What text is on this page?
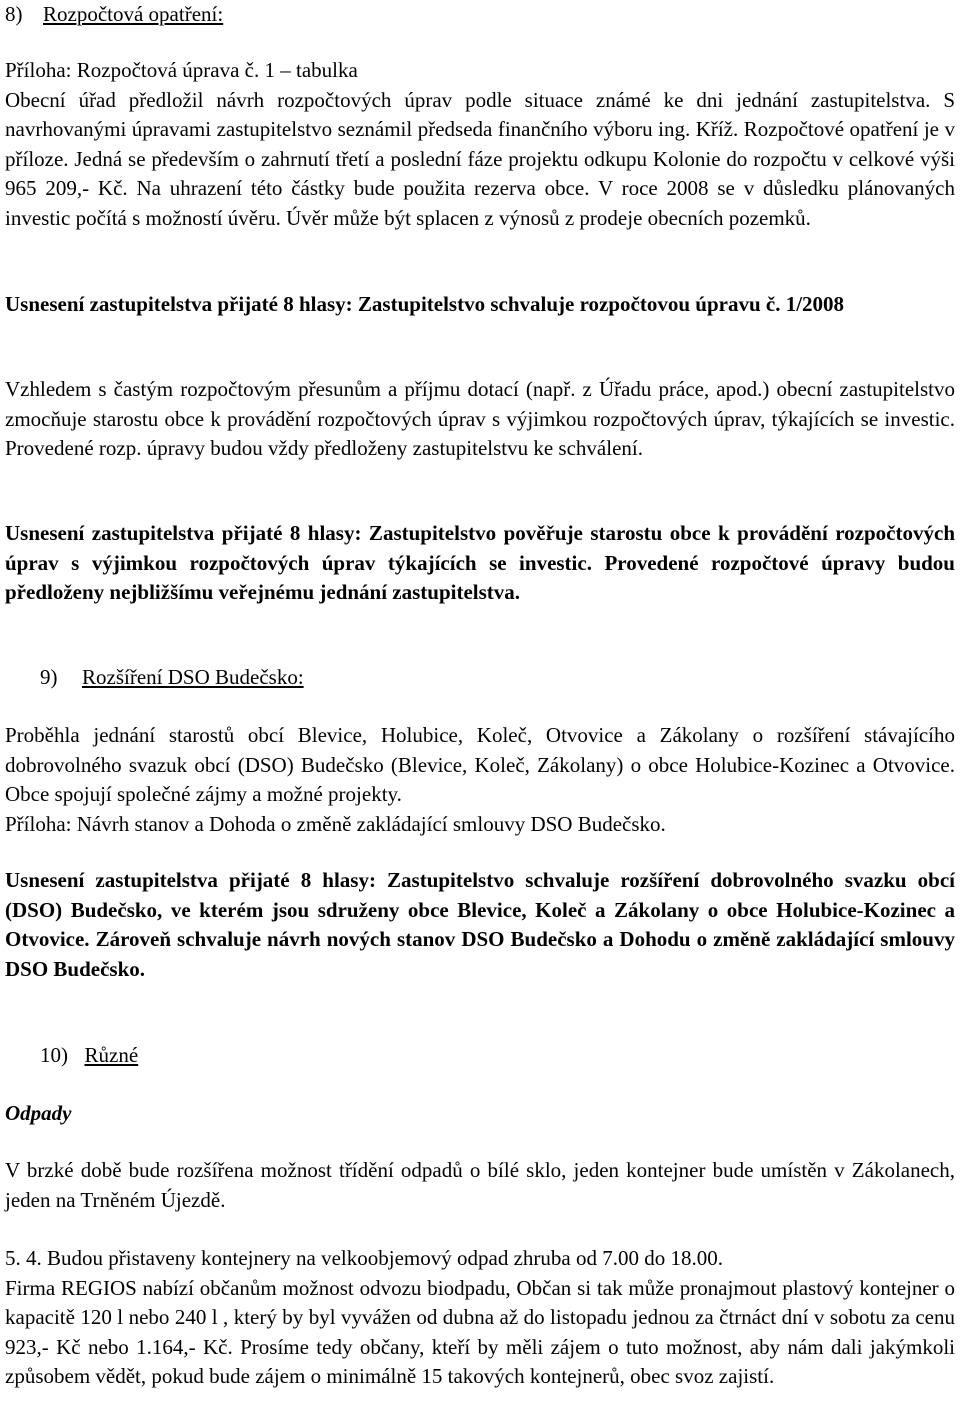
8) Rozpočtová opatření:
Příloha: Rozpočtová úprava č. 1 – tabulka
Obecní úřad předložil návrh rozpočtových úprav podle situace známé ke dni jednání zastupitelstva. S navrhovanými úpravami zastupitelstvo seznámil předseda finančního výboru ing. Kříž. Rozpočtové opatření je v příloze. Jedná se především o zahrnutí třetí a poslední fáze projektu odkupu Kolonie do rozpočtu v celkové výši 965 209,- Kč. Na uhrazení této částky bude použita rezerva obce. V roce 2008 se v důsledku plánovaných investic počítá s možností úvěru. Úvěr může být splacen z výnosů z prodeje obecních pozemků.
Usnesení zastupitelstva přijaté 8 hlasy: Zastupitelstvo schvaluje rozpočtovou úpravu č. 1/2008
Vzhledem s častým rozpočtovým přesunům a příjmu dotací (např. z Úřadu práce, apod.) obecní zastupitelstvo zmocňuje starostu obce k provádění rozpočtových úprav s výjimkou rozpočtových úprav, týkajících se investic. Provedené rozp. úpravy budou vždy předloženy zastupitelstvu ke schválení.
Usnesení zastupitelstva přijaté 8 hlasy: Zastupitelstvo pověřuje starostu obce k provádění rozpočtových úprav s výjimkou rozpočtových úprav týkajících se investic. Provedené rozpočtové úpravy budou předloženy nejbližšímu veřejnému jednání zastupitelstva.
9) Rozšíření DSO Budečsko:
Proběhla jednání starostů obcí Blevice, Holubice, Koleč, Otvovice a Zákolany o rozšíření stávajícího dobrovolného svazuk obcí (DSO) Budečsko (Blevice, Koleč, Zákolany) o obce Holubice-Kozinec a Otvovice. Obce spojují společné zájmy a možné projekty.
Příloha: Návrh stanov a Dohoda o změně zakládající smlouvy DSO Budečsko.
Usnesení zastupitelstva přijaté 8 hlasy: Zastupitelstvo schvaluje rozšíření dobrovolného svazku obcí (DSO) Budečsko, ve kterém jsou sdruženy obce Blevice, Koleč a Zákolany o obce Holubice-Kozinec a Otvovice. Zároveň schvaluje návrh nových stanov DSO Budečsko a Dohodu o změně zakládající smlouvy DSO Budečsko.
10) Různé
Odpady
V brzké době bude rozšířena možnost třídění odpadů o bílé sklo, jeden kontejner bude umístěn v Zákolanech, jeden na Trněném Újezdě.
5. 4. Budou přistaveny kontejnery na velkoobjemový odpad zhruba od 7.00 do 18.00.
Firma REGIOS nabízí občanům možnost odvozu biodpadu, Občan si tak může pronajmout plastový kontejner o kapacitě 120 l nebo 240 l , který by byl vyvážen od dubna až do listopadu jednou za čtrnáct dní v sobotu za cenu 923,- Kč nebo 1.164,- Kč. Prosíme tedy občany, kteří by měli zájem o tuto možnost, aby nám dali jakýmkoli způsobem vědět, pokud bude zájem o minimálně 15 takových kontejnerů, obec svoz zajistí.
